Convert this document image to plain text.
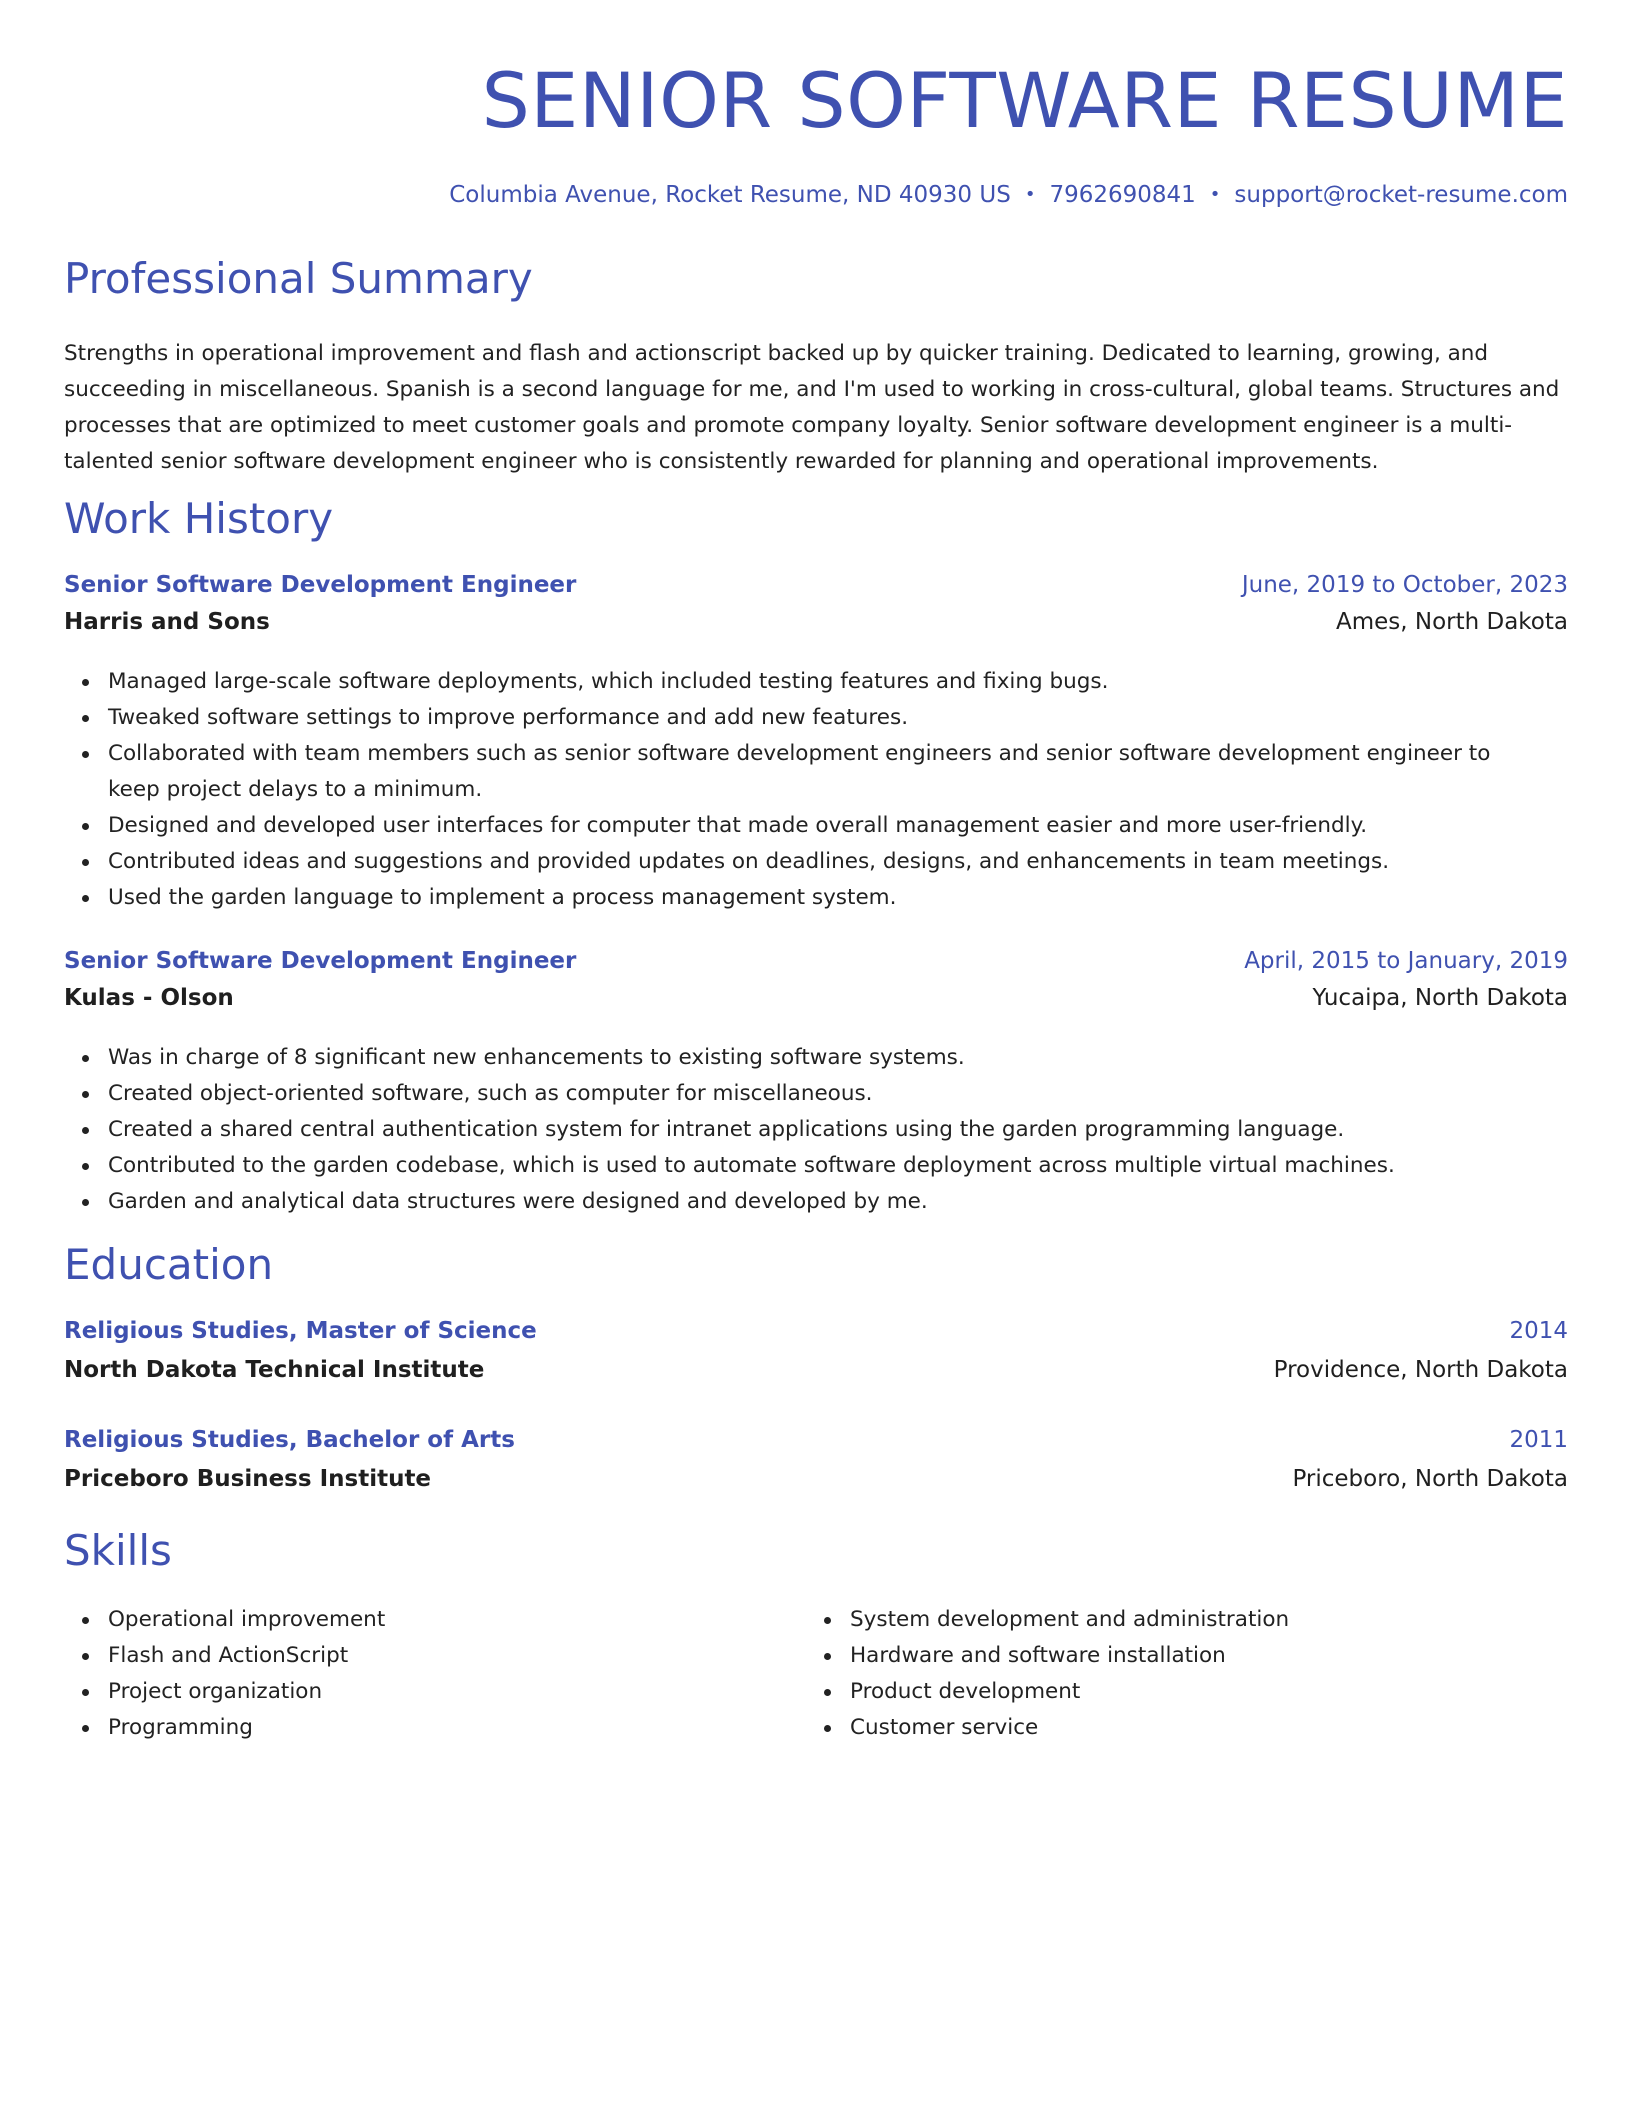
SENIOR SOFTWARE RESUME
Columbia Avenue, Rocket Resume, ND 40930 US • 7962690841 • support@rocket-resume.com
Professional Summary

Strengths in operational improvement and flash and actionscript backed up by quicker training. Dedicated to learning, growing, and succeeding in miscellaneous. Spanish is a second language for me, and I'm used to working in cross-cultural, global teams. Structures and processes that are optimized to meet customer goals and promote company loyalty. Senior software development engineer is a multi-talented senior software development engineer who is consistently rewarded for planning and operational improvements.

Work History
Senior Software Development Engineer	June, 2019 to October, 2023
Harris and Sons	Ames, North Dakota
Managed large-scale software deployments, which included testing features and fixing bugs.
Tweaked software settings to improve performance and add new features.
Collaborated with team members such as senior software development engineers and senior software development engineer to keep project delays to a minimum.
Designed and developed user interfaces for computer that made overall management easier and more user-friendly.
Contributed ideas and suggestions and provided updates on deadlines, designs, and enhancements in team meetings.
Used the garden language to implement a process management system.
Senior Software Development Engineer	April, 2015 to January, 2019
Kulas - Olson	Yucaipa, North Dakota
Was in charge of 8 significant new enhancements to existing software systems.
Created object-oriented software, such as computer for miscellaneous.
Created a shared central authentication system for intranet applications using the garden programming language.
Contributed to the garden codebase, which is used to automate software deployment across multiple virtual machines.
Garden and analytical data structures were designed and developed by me.
Education
Religious Studies, Master of Science	2014
North Dakota Technical Institute	Providence, North Dakota
Religious Studies, Bachelor of Arts	2011
Priceboro Business Institute	Priceboro, North Dakota
Skills
Operational improvement
Flash and ActionScript
Project organization
Programming
System development and administration
Hardware and software installation
Product development
Customer service
